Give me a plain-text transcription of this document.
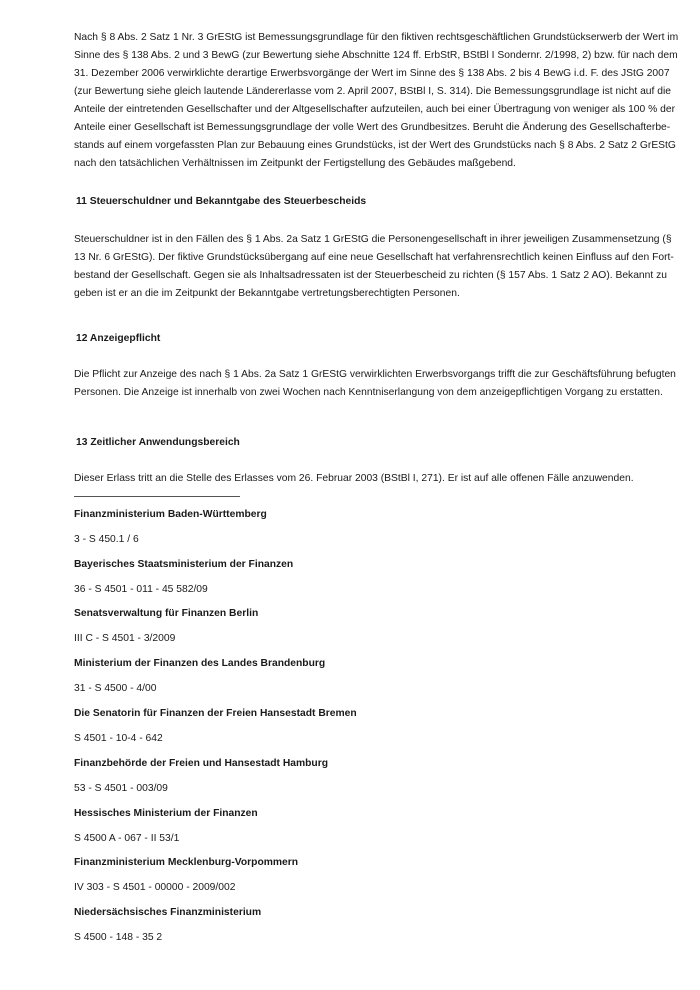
Nach § 8 Abs. 2 Satz 1 Nr. 3 GrEStG ist Bemessungsgrundlage für den fiktiven rechtsgeschäftlichen Grundstückserwerb der Wert im
Sinne des § 138 Abs. 2 und 3 BewG (zur Bewertung siehe Abschnitte 124 ff. ErbStR, BStBl I Sondernr. 2/1998, 2) bzw. für nach dem
31. Dezember 2006 verwirklichte derartige Erwerbsvorgänge der Wert im Sinne des § 138 Abs. 2 bis 4 BewG i.d. F. des JStG 2007
(zur Bewertung siehe gleich lautende Ländererlasse vom 2. April 2007, BStBl I, S. 314). Die Bemessungsgrundlage ist nicht auf die
Anteile der eintretenden Gesellschafter und der Altgesellschafter aufzuteilen, auch bei einer Übertragung von weniger als 100 % der
Anteile einer Gesellschaft ist Bemessungsgrundlage der volle Wert des Grundbesitzes. Beruht die Änderung des Gesellschafterbe-
stands auf einem vorgefassten Plan zur Bebauung eines Grundstücks, ist der Wert des Grundstücks nach § 8 Abs. 2 Satz 2 GrEStG
nach den tatsächlichen Verhältnissen im Zeitpunkt der Fertigstellung des Gebäudes maßgebend.

11 Steuerschuldner und Bekanntgabe des Steuerbescheids

Steuerschuldner ist in den Fällen des § 1 Abs. 2a Satz 1 GrEStG die Personengesellschaft in ihrer jeweiligen Zusammensetzung (§
13 Nr. 6 GrEStG). Der fiktive Grundstücksübergang auf eine neue Gesellschaft hat verfahrensrechtlich keinen Einfluss auf den Fort-
bestand der Gesellschaft. Gegen sie als Inhaltsadressaten ist der Steuerbescheid zu richten (§ 157 Abs. 1 Satz 2 AO). Bekannt zu
geben ist er an die im Zeitpunkt der Bekanntgabe vertretungsberechtigten Personen.

12 Anzeigepflicht

Die Pflicht zur Anzeige des nach § 1 Abs. 2a Satz 1 GrEStG verwirklichten Erwerbsvorgangs trifft die zur Geschäftsführung befugten
Personen. Die Anzeige ist innerhalb von zwei Wochen nach Kenntniserlangung von dem anzeigepflichtigen Vorgang zu erstatten.

13 Zeitlicher Anwendungsbereich

Dieser Erlass tritt an die Stelle des Erlasses vom 26. Februar 2003 (BStBl I, 271). Er ist auf alle offenen Fälle anzuwenden.

Finanzministerium Baden-Württemberg

3 - S 450.1 / 6

Bayerisches Staatsministerium der Finanzen

36 - S 4501 - 011 - 45 582/09

Senatsverwaltung für Finanzen Berlin

III C - S 4501 - 3/2009

Ministerium der Finanzen des Landes Brandenburg

31 - S 4500 - 4/00

Die Senatorin für Finanzen der Freien Hansestadt Bremen

S 4501 - 10-4 - 642

Finanzbehörde der Freien und Hansestadt Hamburg

53 - S 4501 - 003/09

Hessisches Ministerium der Finanzen

S 4500 A - 067 - II 53/1

Finanzministerium Mecklenburg-Vorpommern

IV 303 - S 4501 - 00000 - 2009/002

Niedersächsisches Finanzministerium

S 4500 - 148 - 35 2
